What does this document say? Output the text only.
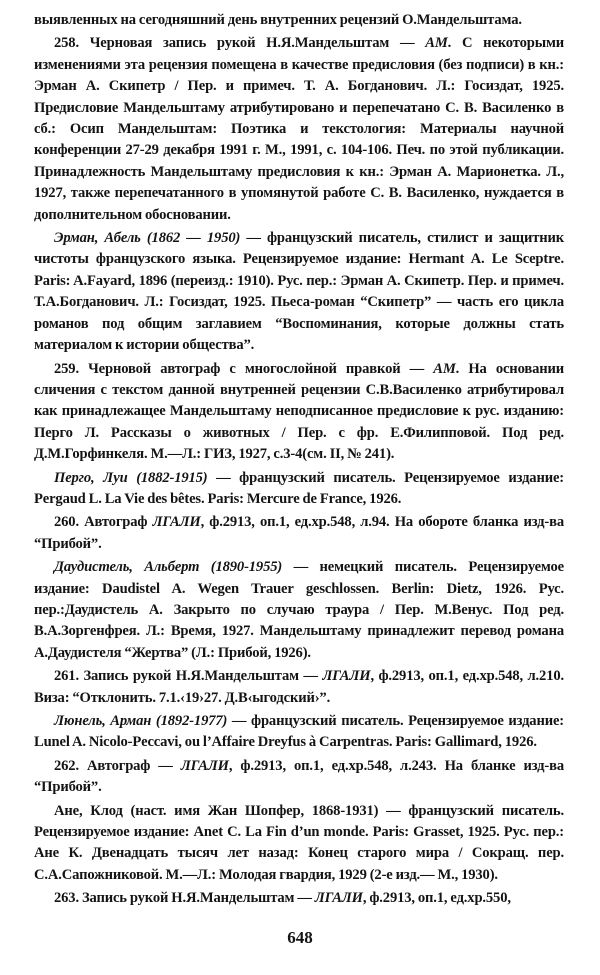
выявленных на сегодняшний день внутренних рецензий О.Мандельштама.

258. Черновая запись рукой Н.Я.Мандельштам — АМ. С некоторыми изменениями эта рецензия помещена в качестве предисловия (без подписи) в кн.: Эрман А. Скипетр / Пер. и примеч. Т. А. Богданович. Л.: Госиздат, 1925. Предисловие Мандельштаму атрибутировано и перепечатано С. В. Василенко в сб.: Осип Мандельштам: Поэтика и текстология: Материалы научной конференции 27-29 декабря 1991 г. М., 1991, с. 104-106. Печ. по этой публикации. Принадлежность Мандельштаму предисловия к кн.: Эрман А. Марионетка. Л., 1927, также перепечатанного в упомянутой работе С. В. Василенко, нуждается в дополнительном обосновании.

Эрман, Абель (1862 — 1950) — французский писатель, стилист и защитник чистоты французского языка. Рецензируемое издание: Hermant A. Le Sceptre. Paris: A.Fayard, 1896 (переизд.: 1910). Рус. пер.: Эрман А. Скипетр. Пер. и примеч. Т.А.Богданович. Л.: Госиздат, 1925. Пьеса-роман “Скипетр” — часть его цикла романов под общим заглавием “Воспоминания, которые должны стать материалом к истории общества”.

259. Черновой автограф с многослойной правкой — АМ. На основании сличения с текстом данной внутренней рецензии С.В.Василенко атрибутировал как принадлежащее Мандельштаму неподписанное предисловие к рус. изданию: Перго Л. Рассказы о животных / Пер. с фр. Е.Филипповой. Под ред. Д.М.Горфинкеля. М.—Л.: ГИЗ, 1927, с.3-4(см. II, № 241).

Перго, Луи (1882-1915) — французский писатель. Рецензируемое издание: Pergaud L. La Vie des bêtes. Paris: Mercure de France, 1926.

260. Автограф ЛГАЛИ, ф.2913, оп.1, ед.хр.548, л.94. На обороте бланка изд-ва “Прибой”.

Даудистель, Альберт (1890-1955) — немецкий писатель. Рецензируемое издание: Daudistel A. Wegen Trauer geschlossen. Berlin: Dietz, 1926. Рус. пер.:Даудистель А. Закрыто по случаю траура / Пер. М.Венус. Под ред. В.А.Зоргенфрея. Л.: Время, 1927. Мандельштаму принадлежит перевод романа А.Даудистеля “Жертва” (Л.: Прибой, 1926).

261. Запись рукой Н.Я.Мандельштам — ЛГАЛИ, ф.2913, оп.1, ед.хр.548, л.210. Виза: “Отклонить. 7.1.‹19›27. Д.В‹ыгодский›”.

Люнель, Арман (1892-1977) — французский писатель. Рецензируемое издание: Lunel A. Nicolo-Peccavi, ou l’Affaire Dreyfus à Carpentras. Paris: Gallimard, 1926.

262. Автограф — ЛГАЛИ, ф.2913, оп.1, ед.хр.548, л.243. На бланке изд-ва “Прибой”.

Ане, Клод (наст. имя Жан Шопфер, 1868-1931) — французский писатель. Рецензируемое издание: Anet C. La Fin d’un monde. Paris: Grasset, 1925. Рус. пер.: Ане К. Двенадцать тысяч лет назад: Конец старого мира / Сокращ. пер. С.А.Сапожниковой. М.—Л.: Молодая гвардия, 1929 (2-е изд.— М., 1930).

263. Запись рукой Н.Я.Мандельштам — ЛГАЛИ, ф.2913, оп.1, ед.хр.550,

648
